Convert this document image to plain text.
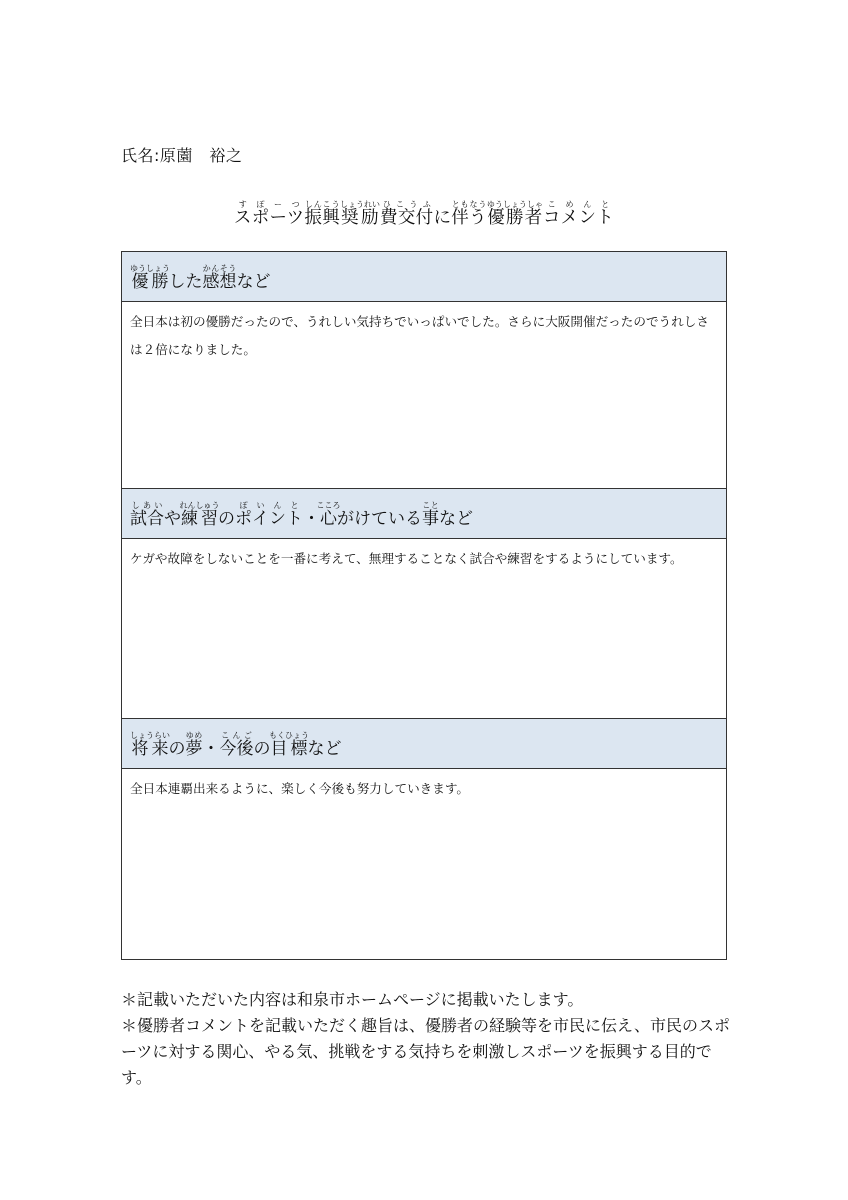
氏名:原薗　裕之
スポーツすぽーつ振興しんこう奨励しょうれい費交付ひこうふに伴うともなう優勝者ゆうしょうしゃコメントこめんと
優勝ゆうしょうした感想かんそうなど
全日本は初の優勝だったので、うれしい気持ちでいっぱいでした。さらに大阪開催だったのでうれしさは２倍になりました。
試合しあいや練習れんしゅうのポイントぽいんと・心こころがけている事ことなど
ケガや故障をしないことを一番に考えて、無理することなく試合や練習をするようにしています。
将来しょうらいの夢ゆめ・今後こんごの目標もくひょうなど
全日本連覇出来るように、楽しく今後も努力していきます。

＊記載いただいた内容は和泉市ホームページに掲載いたします。

＊優勝者コメントを記載いただく趣旨は、優勝者の経験等を市民に伝え、市民のスポーツに対する関心、やる気、挑戦をする気持ちを刺激しスポーツを振興する目的です。
